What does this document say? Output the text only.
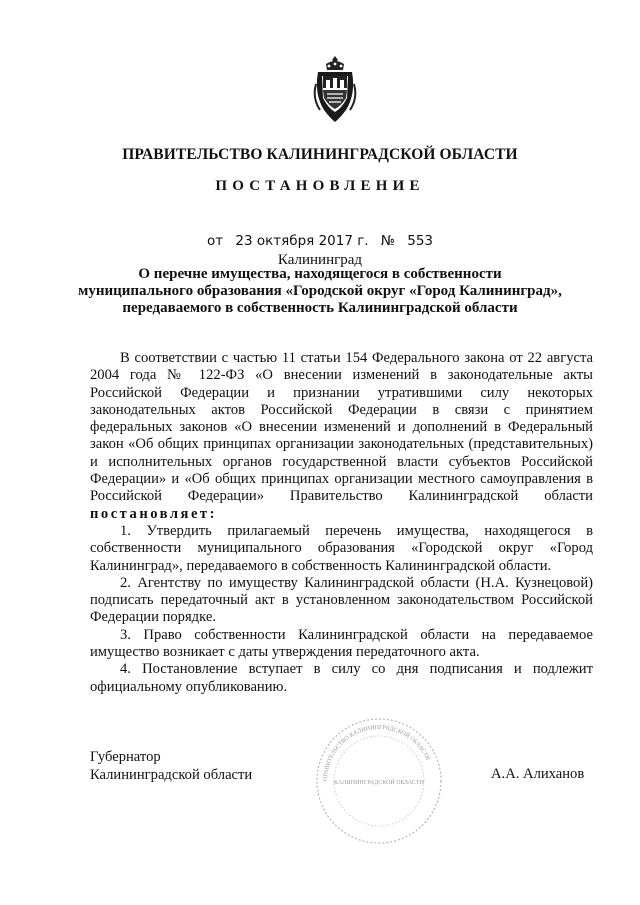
ПРАВИТЕЛЬСТВО КАЛИНИНГРАДСКОЙ ОБЛАСТИ
ПОСТАНОВЛЕНИЕ
от 23 октября 2017 г. № 553
Калининград
О перечне имущества, находящегося в собственности
муниципального образования «Городской округ «Город Калининград»,
передаваемого в собственность Калининградской области

В соответствии с частью 11 статьи 154 Федерального закона от 22 августа 2004 года № 122-ФЗ «О внесении изменений в законодательные акты Российской Федерации и признании утратившими силу некоторых законодательных актов Российской Федерации в связи с принятием федеральных законов «О внесении изменений и дополнений в Федеральный закон «Об общих принципах организации законодательных (представительных) и исполнительных органов государственной власти субъектов Российской Федерации» и «Об общих принципах организации местного самоуправления в Российской Федерации» Правительство Калининградской области постановляет:

1. Утвердить прилагаемый перечень имущества, находящегося в собственности муниципального образования «Городской округ «Город Калининград», передаваемого в собственность Калининградской области.

2. Агентству по имуществу Калининградской области (Н.А. Кузнецовой) подписать передаточный акт в установленном законодательством Российской Федерации порядке.

3. Право собственности Калининградской области на передаваемое имущество возникает с даты утверждения передаточного акта.

4. Постановление вступает в силу со дня подписания и подлежит официальному опубликованию.

ПРАВИТЕЛЬСТВО КАЛИНИНГРАДСКОЙ ОБЛАСТИ
КАЛИНИНГРАДСКОЙ ОБЛАСТИ
Губернатор
Калининградской области	А.А. Алиханов
